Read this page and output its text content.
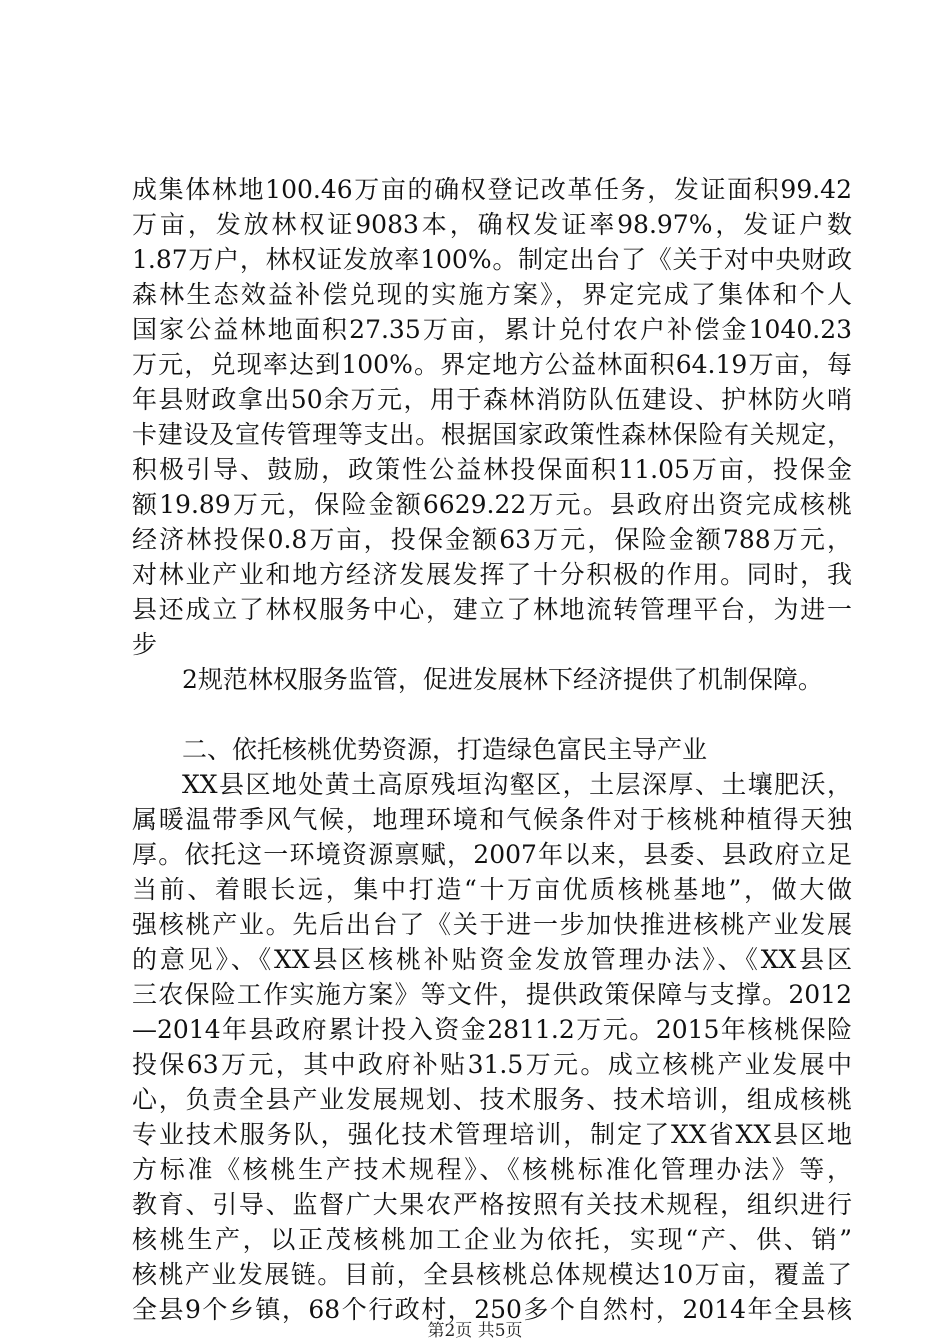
成集体林地100.46万亩的确权登记改革任务，发证面积99.42
万亩，发放林权证9083本，确权发证率98.97%，发证户数
1.87万户，林权证发放率100%。制定出台了《关于对中央财政
森林生态效益补偿兑现的实施方案》，界定完成了集体和个人
国家公益林地面积27.35万亩，累计兑付农户补偿金1040.23
万元，兑现率达到100%。界定地方公益林面积64.19万亩，每
年县财政拿出50余万元，用于森林消防队伍建设、护林防火哨
卡建设及宣传管理等支出。根据国家政策性森林保险有关规定，
积极引导、鼓励，政策性公益林投保面积11.05万亩，投保金
额19.89万元，保险金额6629.22万元。县政府出资完成核桃
经济林投保0.8万亩，投保金额63万元，保险金额788万元，
对林业产业和地方经济发展发挥了十分积极的作用。同时，我
县还成立了林权服务中心，建立了林地流转管理平台，为进一
步
2规范林权服务监管，促进发展林下经济提供了机制保障。
二、依托核桃优势资源，打造绿色富民主导产业
XX县区地处黄土高原残垣沟壑区，土层深厚、土壤肥沃，
属暖温带季风气候，地理环境和气候条件对于核桃种植得天独
厚。依托这一环境资源禀赋，2007年以来，县委、县政府立足
当前、着眼长远，集中打造“十万亩优质核桃基地”，做大做
强核桃产业。先后出台了《关于进一步加快推进核桃产业发展
的意见》、《XX县区核桃补贴资金发放管理办法》、《XX县区
三农保险工作实施方案》等文件，提供政策保障与支撑。2012
—2014年县政府累计投入资金2811.2万元。2015年核桃保险
投保63万元，其中政府补贴31.5万元。成立核桃产业发展中
心，负责全县产业发展规划、技术服务、技术培训，组成核桃
专业技术服务队，强化技术管理培训，制定了XX省XX县区地
方标准《核桃生产技术规程》、《核桃标准化管理办法》等，
教育、引导、监督广大果农严格按照有关技术规程，组织进行
核桃生产，以正茂核桃加工企业为依托，实现“产、供、销”
核桃产业发展链。目前，全县核桃总体规模达10万亩，覆盖了
全县9个乡镇，68个行政村，250多个自然村，2014年全县核
第2页 共5页
